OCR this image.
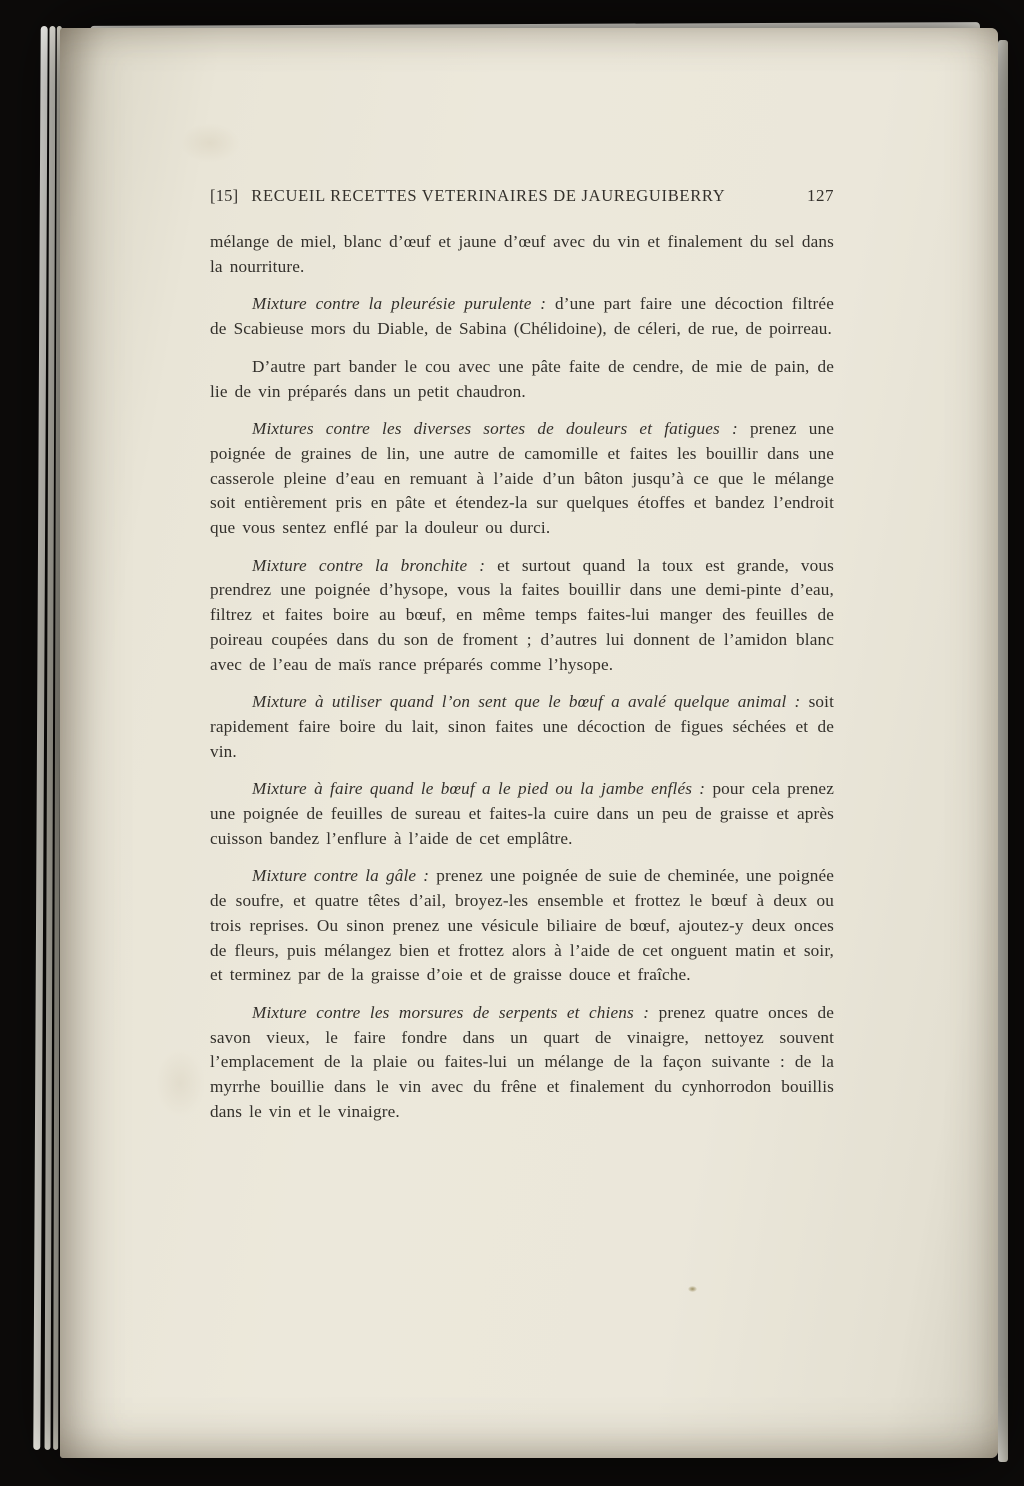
[15] RECUEIL RECETTES VETERINAIRES DE JAUREGUIBERRY	127

mélange de miel, blanc d’œuf et jaune d’œuf avec du vin et finalement du sel dans la nourriture.

Mixture contre la pleurésie purulente : d’une part faire une décoction filtrée de Scabieuse mors du Diable, de Sabina (Chélidoine), de céleri, de rue, de poirreau.

D’autre part bander le cou avec une pâte faite de cendre, de mie de pain, de lie de vin préparés dans un petit chaudron.

Mixtures contre les diverses sortes de douleurs et fatigues : prenez une poignée de graines de lin, une autre de camomille et faites les bouillir dans une casserole pleine d’eau en remuant à l’aide d’un bâton jusqu’à ce que le mélange soit entièrement pris en pâte et étendez-la sur quelques étoffes et bandez l’endroit que vous sentez enflé par la douleur ou durci.

Mixture contre la bronchite : et surtout quand la toux est grande, vous prendrez une poignée d’hysope, vous la faites bouillir dans une demi-pinte d’eau, filtrez et faites boire au bœuf, en même temps faites-lui manger des feuilles de poireau coupées dans du son de froment ; d’autres lui donnent de l’amidon blanc avec de l’eau de maïs rance préparés comme l’hysope.

Mixture à utiliser quand l’on sent que le bœuf a avalé quelque animal : soit rapidement faire boire du lait, sinon faites une décoction de figues séchées et de vin.

Mixture à faire quand le bœuf a le pied ou la jambe enflés : pour cela prenez une poignée de feuilles de sureau et faites-la cuire dans un peu de graisse et après cuisson bandez l’enflure à l’aide de cet emplâtre.

Mixture contre la gâle : prenez une poignée de suie de cheminée, une poignée de soufre, et quatre têtes d’ail, broyez-les ensemble et frottez le bœuf à deux ou trois reprises. Ou sinon prenez une vésicule biliaire de bœuf, ajoutez-y deux onces de fleurs, puis mélangez bien et frottez alors à l’aide de cet onguent matin et soir, et terminez par de la graisse d’oie et de graisse douce et fraîche.

Mixture contre les morsures de serpents et chiens : prenez quatre onces de savon vieux, le faire fondre dans un quart de vinaigre, nettoyez souvent l’emplacement de la plaie ou faites-lui un mélange de la façon suivante : de la myrrhe bouillie dans le vin avec du frêne et finalement du cynhorrodon bouillis dans le vin et le vinaigre.
